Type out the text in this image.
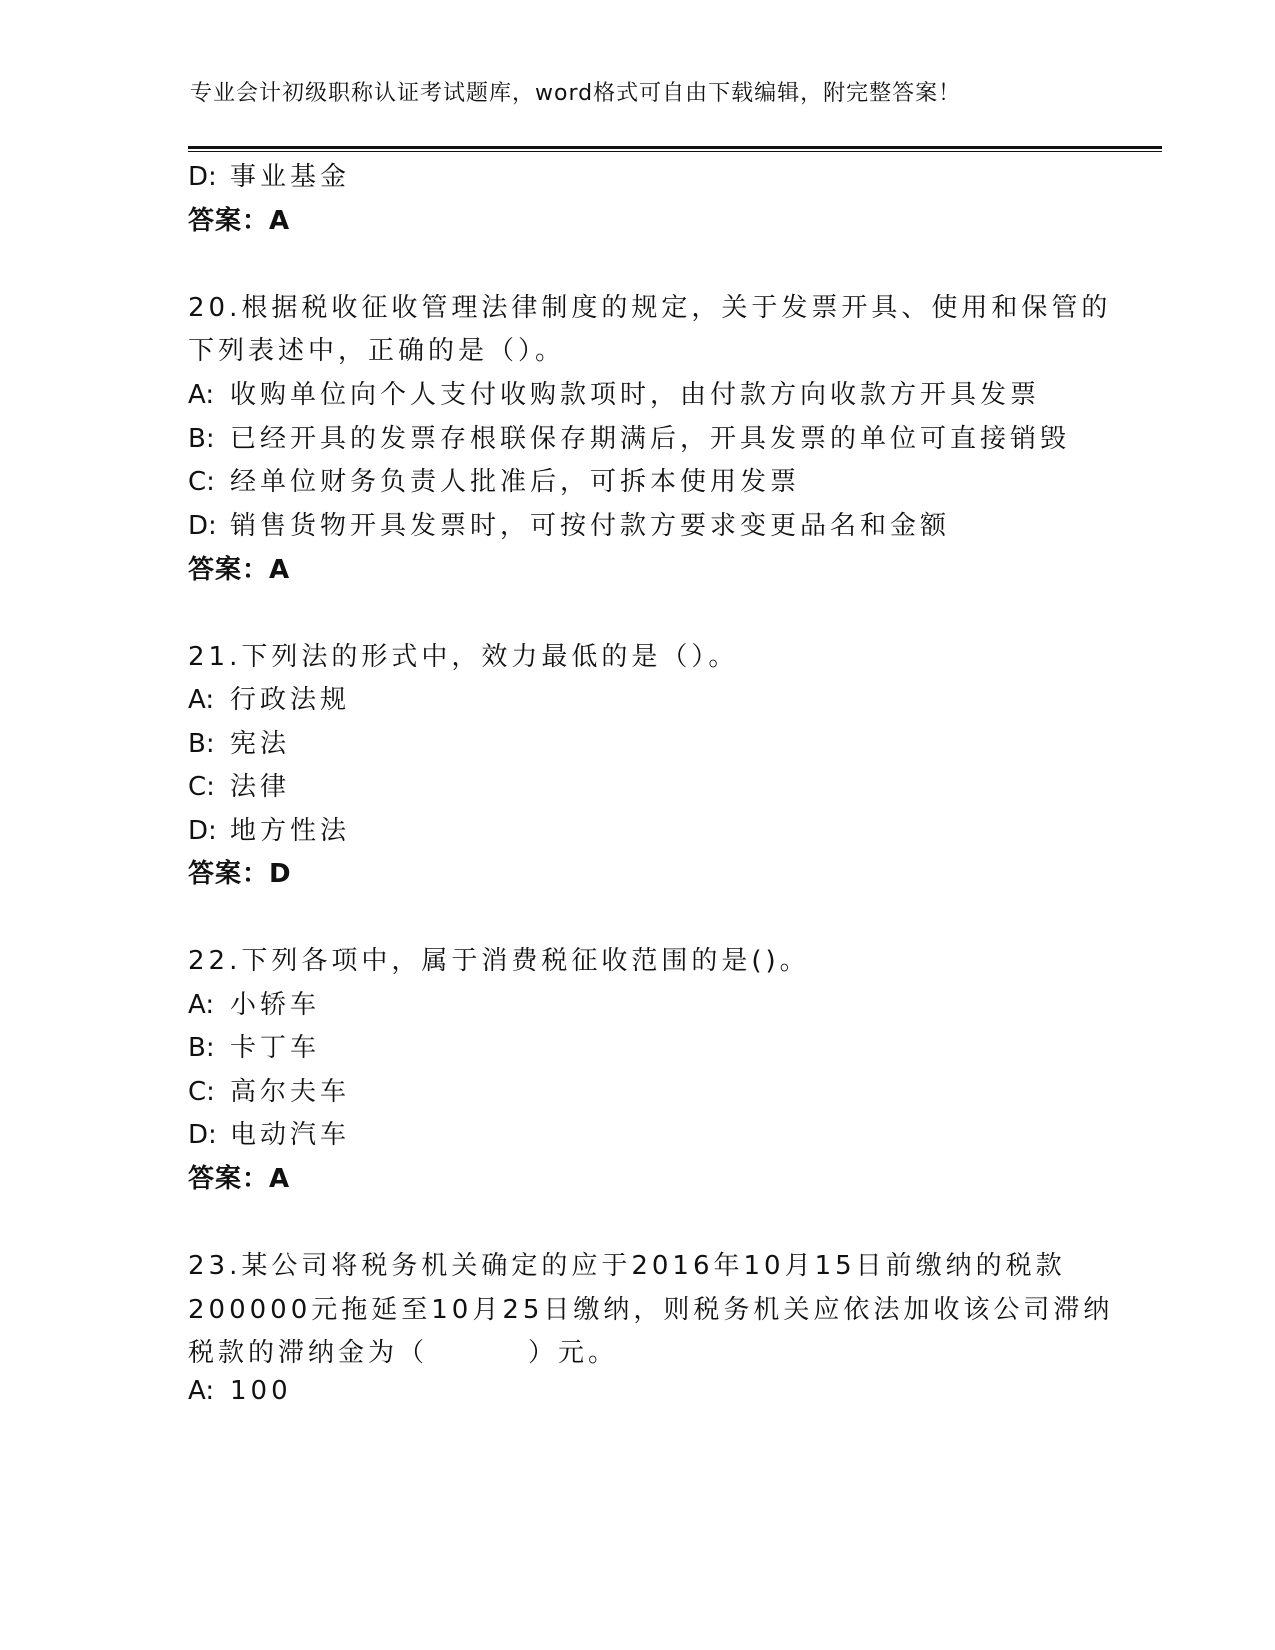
专业会计初级职称认证考试题库，word格式可自由下载编辑，附完整答案！
D: 事业基金
答案：A
20.根据税收征收管理法律制度的规定，关于发票开具、使用和保管的
下列表述中，正确的是（）。
A: 收购单位向个人支付收购款项时，由付款方向收款方开具发票
B: 已经开具的发票存根联保存期满后，开具发票的单位可直接销毁
C: 经单位财务负责人批准后，可拆本使用发票
D: 销售货物开具发票时，可按付款方要求变更品名和金额
答案：A
21.下列法的形式中，效力最低的是（）。
A: 行政法规
B: 宪法
C: 法律
D: 地方性法
答案：D
22.下列各项中，属于消费税征收范围的是()。
A: 小轿车
B: 卡丁车
C: 高尔夫车
D: 电动汽车
答案：A
23.某公司将税务机关确定的应于2016年10月15日前缴纳的税款
200000元拖延至10月25日缴纳，则税务机关应依法加收该公司滞纳
税款的滞纳金为（	）元。
A: 100
